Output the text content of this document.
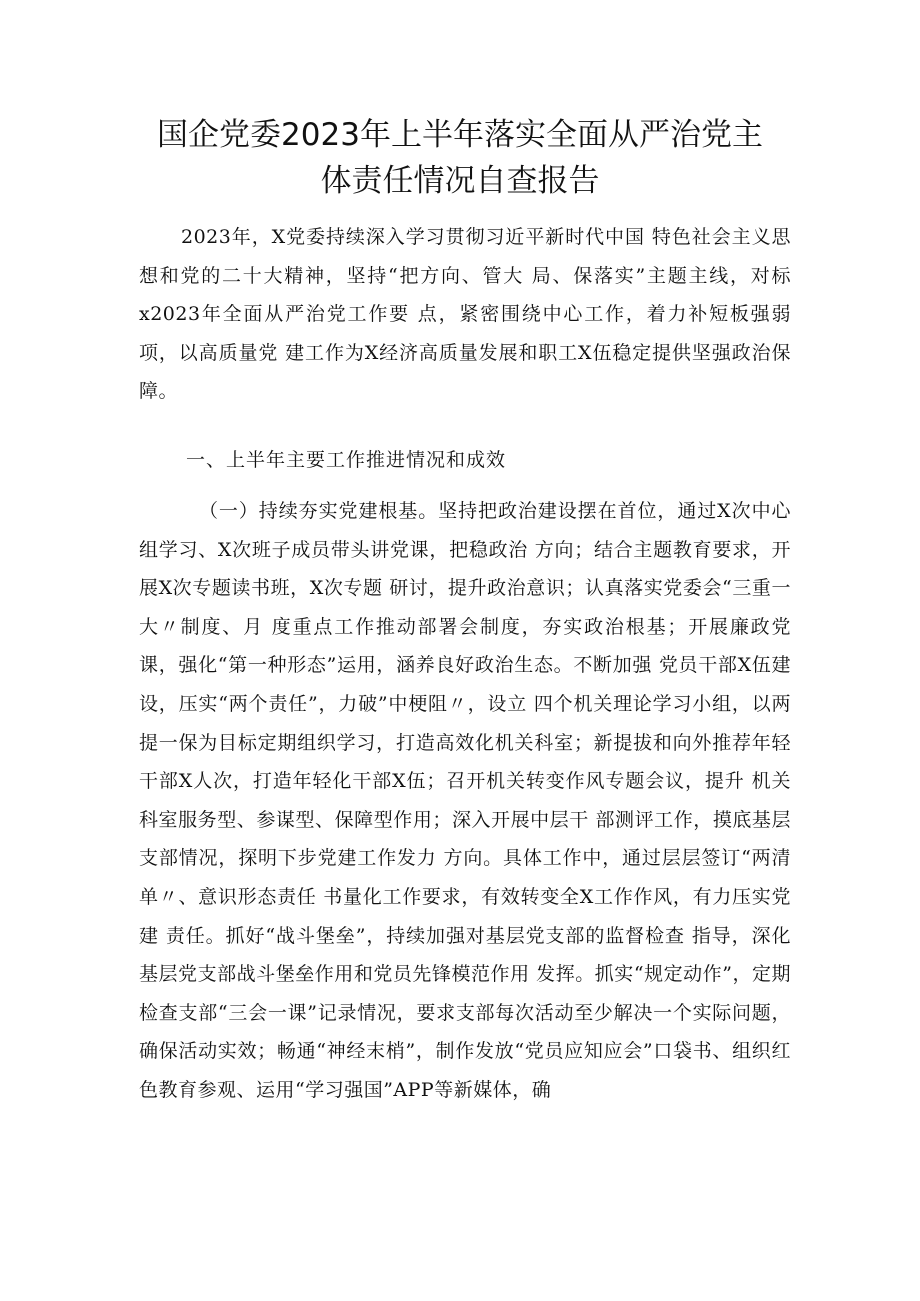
国企党委2023年上半年落实全面从严治党主
体责任情况自查报告

2023年，X党委持续深入学习贯彻习近平新时代中国 特色社会主义思想和党的二十大精神，坚持“把方向、管大 局、保落实”主题主线，对标x2023年全面从严治党工作要 点，紧密围绕中心工作，着力补短板强弱项，以高质量党 建工作为X经济高质量发展和职工X伍稳定提供坚强政治保障。

一、上半年主要工作推进情况和成效

（一）持续夯实党建根基。坚持把政治建设摆在首位，通过X次中心组学习、X次班子成员带头讲党课，把稳政治 方向；结合主题教育要求，开展X次专题读书班，X次专题 研讨，提升政治意识；认真落实党委会“三重一大〃制度、月 度重点工作推动部署会制度，夯实政治根基；开展廉政党 课，强化“第一种形态”运用，涵养良好政治生态。不断加强 党员干部X伍建设，压实“两个责任”，力破”中梗阻〃，设立 四个机关理论学习小组，以两提一保为目标定期组织学习，打造高效化机关科室；新提拔和向外推荐年轻干部X人次，打造年轻化干部X伍；召开机关转变作风专题会议，提升 机关科室服务型、参谋型、保障型作用；深入开展中层干 部测评工作，摸底基层支部情况，探明下步党建工作发力 方向。具体工作中，通过层层签订“两清单〃、意识形态责任 书量化工作要求，有效转变全X工作作风，有力压实党建 责任。抓好“战斗堡垒”，持续加强对基层党支部的监督检查 指导，深化基层党支部战斗堡垒作用和党员先锋模范作用 发挥。抓实“规定动作”，定期检查支部“三会一课”记录情况，要求支部每次活动至少解决一个实际问题，确保活动实效；畅通“神经末梢”，制作发放“党员应知应会”口袋书、组织红 色教育参观、运用“学习强国”APP等新媒体，确
